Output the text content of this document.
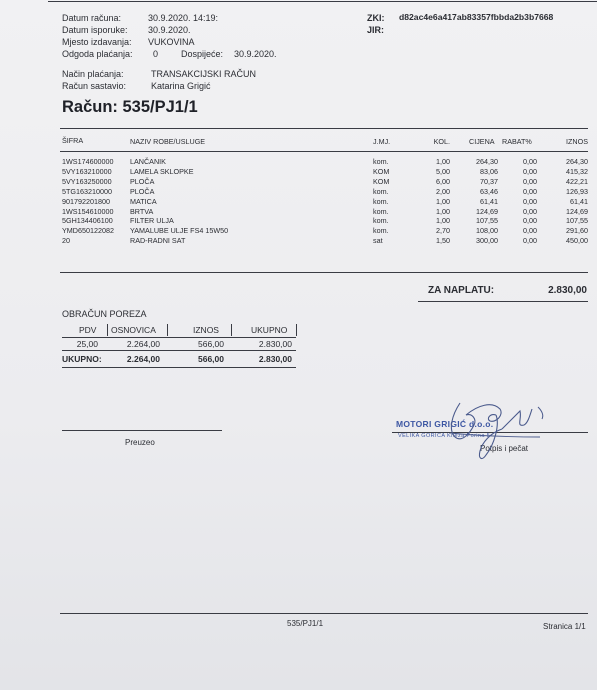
Datum računa:	30.9.2020. 14:19:
Datum isporuke: 30.9.2020.
Mjesto izdavanja: VUKOVINA
Odgoda plaćanja: 0	Dospijeće: 30.9.2020.
Način plaćanja:	TRANSAKCIJSKI RAČUN
Račun sastavio:	Katarina Grigić
ZKI: d82ac4e6a417ab83357fbbda2b3b7668
JIR:
Račun: 535/PJ1/1
ŠIFRA	NAZIV ROBE/USLUGE	J.MJ.	KOL.	CIJENA RABAT%	IZNOS
1WS174600000 LANČANIK	kom.	1,00	264,30	0,00	264,30
5VY163210000	LAMELA SKLOPKE	KOM	5,00	83,06	0,00	415,32
5VY163250000	PLOČA	KOM	6,00	70,37	0,00	422,21
5TG163210000	PLOČA	kom.	2,00	63,46	0,00	126,93
901792201800	MATICA	kom.	1,00	61,41	0,00	61,41
1WS154610000 BRTVA	kom.	1,00	124,69	0,00	124,69
5GH134406100 FILTER ULJA	kom.	1,00	107,55	0,00	107,55
YMD650122082 YAMALUBE ULJE FS4 15W50	kom.	2,70	108,00	0,00	291,60
20	RAD-RADNI SAT	sat	1,50	300,00	0,00	450,00
ZA NAPLATU:	2.830,00
OBRAČUN POREZA
PDV OSNOVICA	IZNOS	UKUPNO
25,00	2.264,00	566,00	2.830,00
UKUPNO:	2.264,00	566,00	2.830,00
Preuzeo
MOTORI GRIGIĆ d.o.o.
VELIKA GORICA Kneza Porina 5
Potpis i pečat
535/PJ1/1	Stranica 1/1
